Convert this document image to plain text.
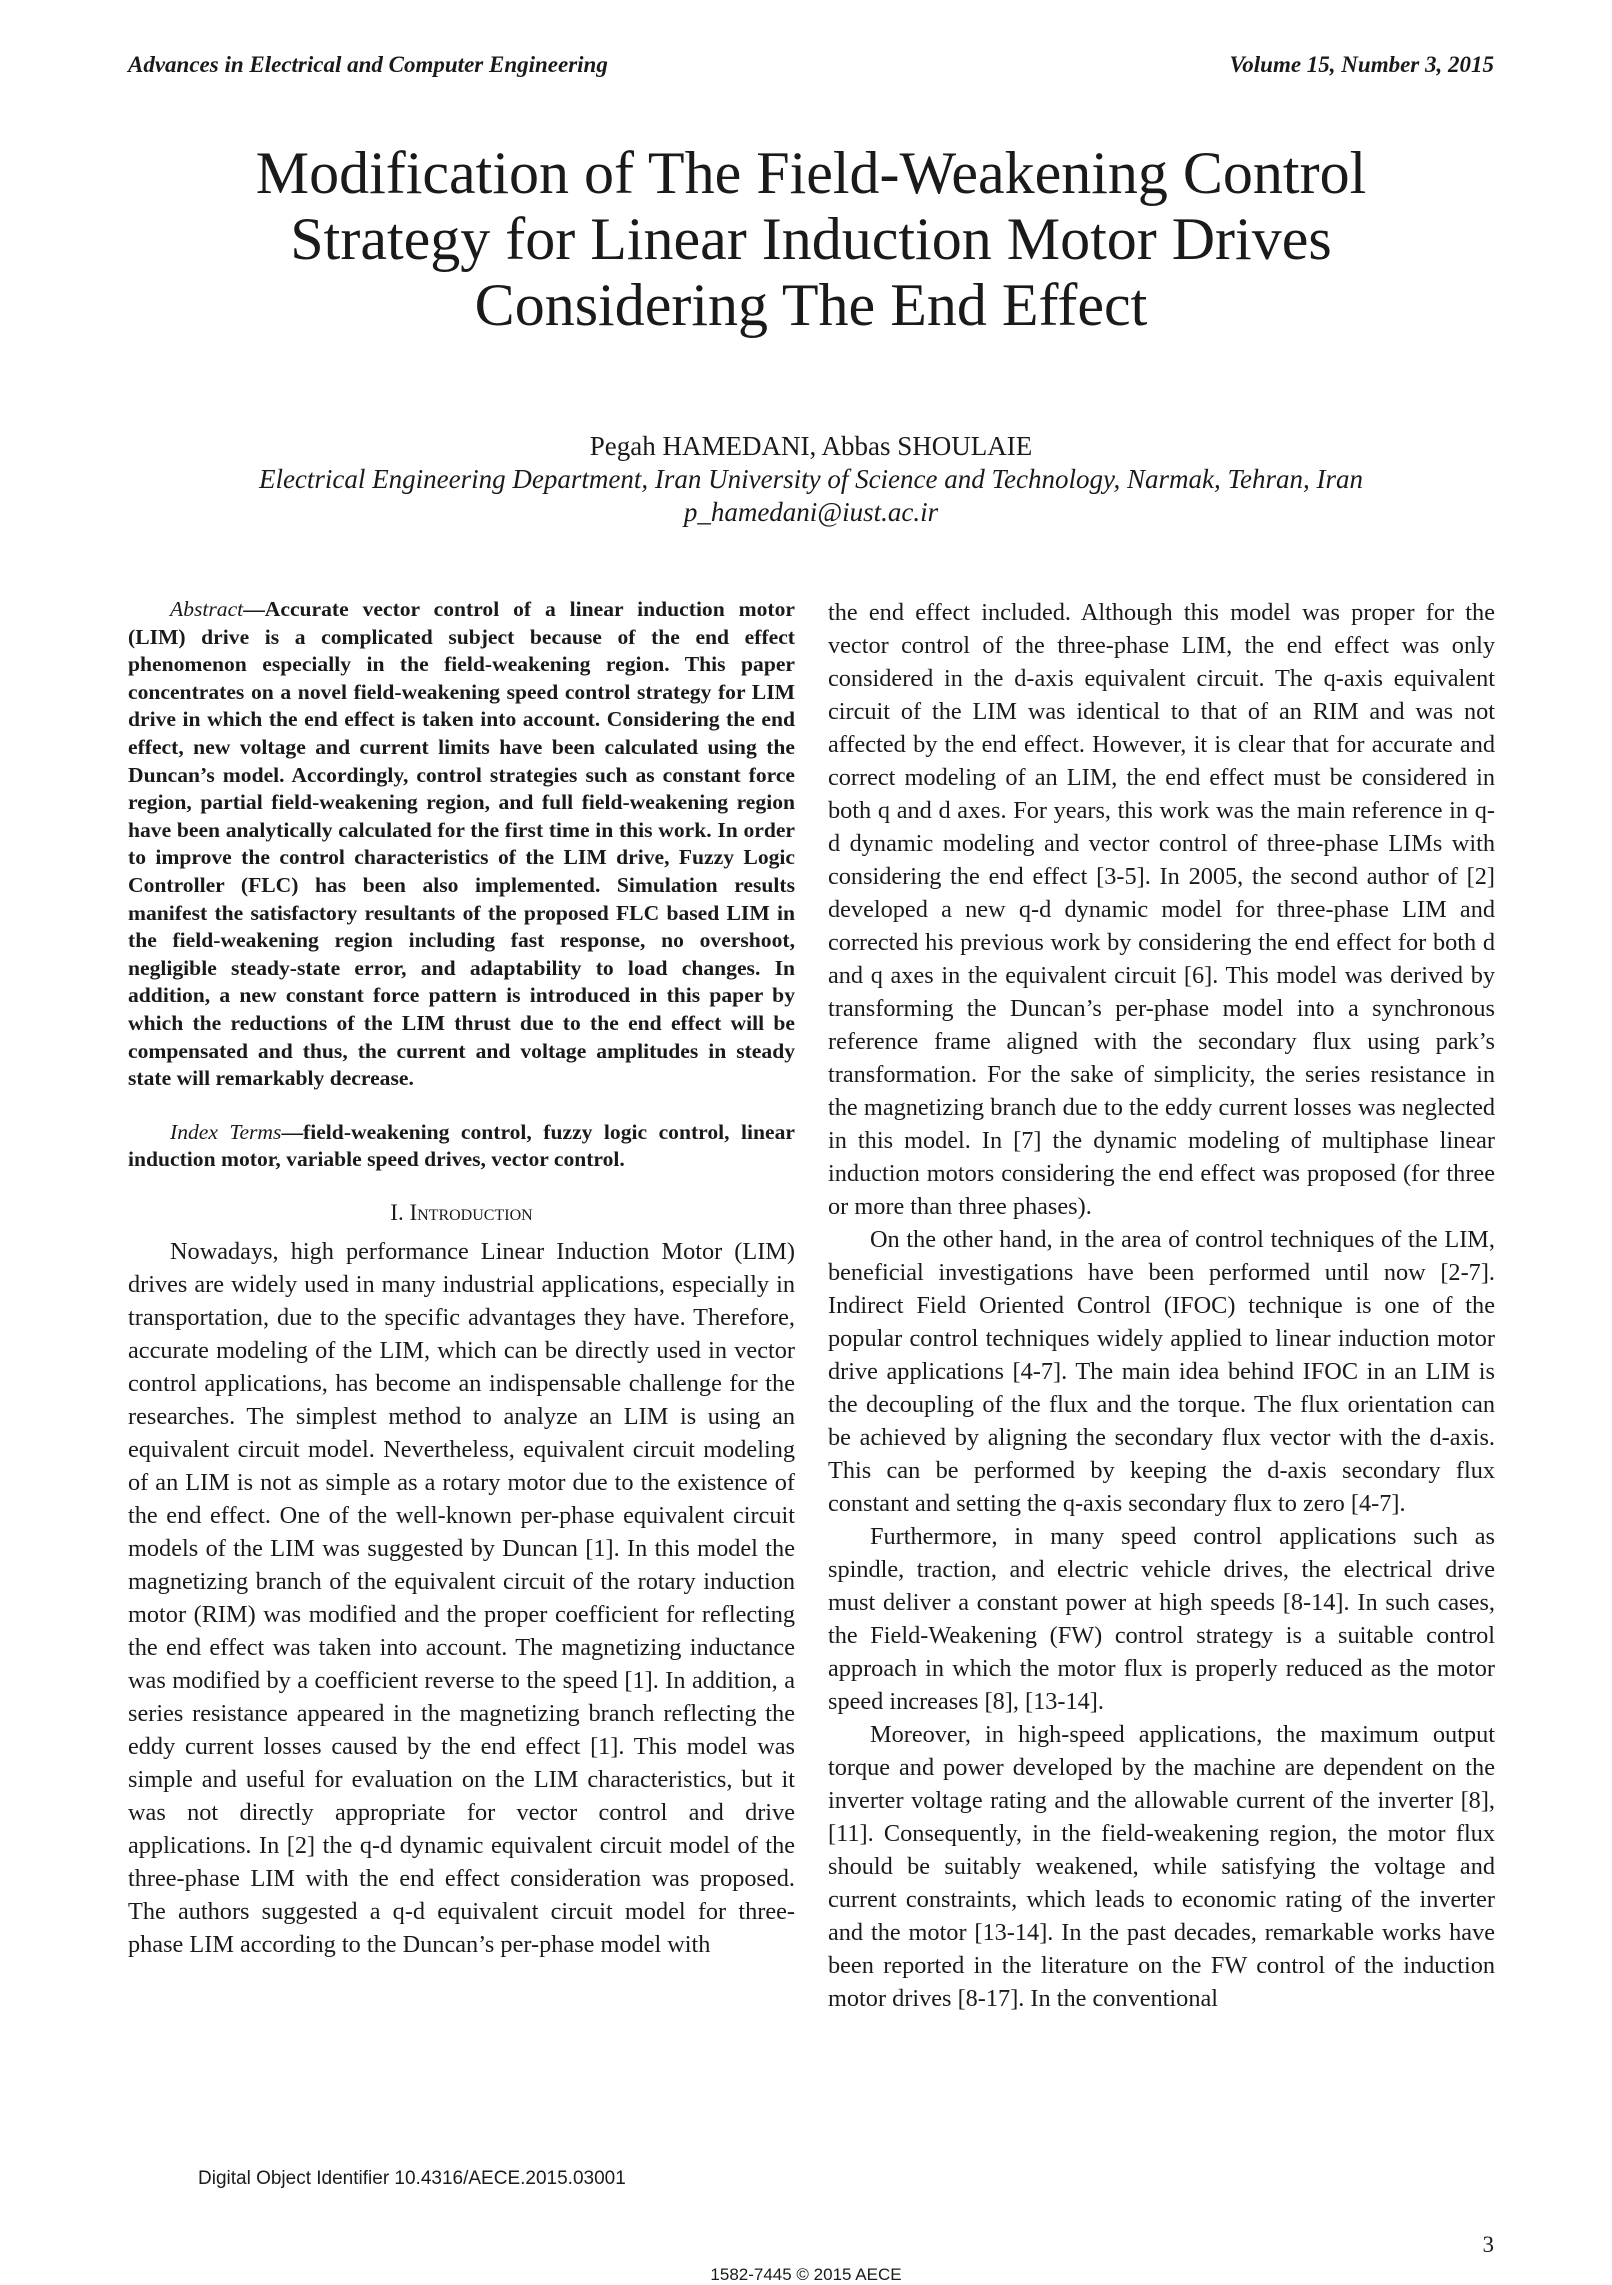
Advances in Electrical and Computer Engineering	Volume 15, Number 3, 2015
Modification of The Field-Weakening Control
Strategy for Linear Induction Motor Drives
Considering The End Effect
Pegah HAMEDANI, Abbas SHOULAIE
Electrical Engineering Department, Iran University of Science and Technology, Narmak, Tehran, Iran
p_hamedani@iust.ac.ir

Abstract—Accurate vector control of a linear induction motor (LIM) drive is a complicated subject because of the end effect phenomenon especially in the field-weakening region. This paper concentrates on a novel field-weakening speed control strategy for LIM drive in which the end effect is taken into account. Considering the end effect, new voltage and current limits have been calculated using the Duncan’s model. Accordingly, control strategies such as constant force region, partial field-weakening region, and full field-weakening region have been analytically calculated for the first time in this work. In order to improve the control characteristics of the LIM drive, Fuzzy Logic Controller (FLC) has been also implemented. Simulation results manifest the satisfactory resultants of the proposed FLC based LIM in the field-weakening region including fast response, no overshoot, negligible steady-state error, and adaptability to load changes. In addition, a new constant force pattern is introduced in this paper by which the reductions of the LIM thrust due to the end effect will be compensated and thus, the current and voltage amplitudes in steady state will remarkably decrease.

Index Terms—field-weakening control, fuzzy logic control, linear induction motor, variable speed drives, vector control.

I. Introduction

Nowadays, high performance Linear Induction Motor (LIM) drives are widely used in many industrial applications, especially in transportation, due to the specific advantages they have. Therefore, accurate modeling of the LIM, which can be directly used in vector control applications, has become an indispensable challenge for the researches. The simplest method to analyze an LIM is using an equivalent circuit model. Nevertheless, equivalent circuit modeling of an LIM is not as simple as a rotary motor due to the existence of the end effect. One of the well-known per-phase equivalent circuit models of the LIM was suggested by Duncan [1]. In this model the magnetizing branch of the equivalent circuit of the rotary induction motor (RIM) was modified and the proper coefficient for reflecting the end effect was taken into account. The magnetizing inductance was modified by a coefficient reverse to the speed [1]. In addition, a series resistance appeared in the magnetizing branch reflecting the eddy current losses caused by the end effect [1]. This model was simple and useful for evaluation on the LIM characteristics, but it was not directly appropriate for vector control and drive applications. In [2] the q-d dynamic equivalent circuit model of the three-phase LIM with the end effect consideration was proposed. The authors suggested a q-d equivalent circuit model for three-phase LIM according to the Duncan’s per-phase model with

the end effect included. Although this model was proper for the vector control of the three-phase LIM, the end effect was only considered in the d-axis equivalent circuit. The q-axis equivalent circuit of the LIM was identical to that of an RIM and was not affected by the end effect. However, it is clear that for accurate and correct modeling of an LIM, the end effect must be considered in both q and d axes. For years, this work was the main reference in q-d dynamic modeling and vector control of three-phase LIMs with considering the end effect [3-5]. In 2005, the second author of [2] developed a new q-d dynamic model for three-phase LIM and corrected his previous work by considering the end effect for both d and q axes in the equivalent circuit [6]. This model was derived by transforming the Duncan’s per-phase model into a synchronous reference frame aligned with the secondary flux using park’s transformation. For the sake of simplicity, the series resistance in the magnetizing branch due to the eddy current losses was neglected in this model. In [7] the dynamic modeling of multiphase linear induction motors considering the end effect was proposed (for three or more than three phases).

On the other hand, in the area of control techniques of the LIM, beneficial investigations have been performed until now [2-7]. Indirect Field Oriented Control (IFOC) technique is one of the popular control techniques widely applied to linear induction motor drive applications [4-7]. The main idea behind IFOC in an LIM is the decoupling of the flux and the torque. The flux orientation can be achieved by aligning the secondary flux vector with the d-axis. This can be performed by keeping the d-axis secondary flux constant and setting the q-axis secondary flux to zero [4-7].

Furthermore, in many speed control applications such as spindle, traction, and electric vehicle drives, the electrical drive must deliver a constant power at high speeds [8-14]. In such cases, the Field-Weakening (FW) control strategy is a suitable control approach in which the motor flux is properly reduced as the motor speed increases [8], [13-14].

Moreover, in high-speed applications, the maximum output torque and power developed by the machine are dependent on the inverter voltage rating and the allowable current of the inverter [8], [11]. Consequently, in the field-weakening region, the motor flux should be suitably weakened, while satisfying the voltage and current constraints, which leads to economic rating of the inverter and the motor [13-14]. In the past decades, remarkable works have been reported in the literature on the FW control of the induction motor drives [8-17]. In the conventional

Digital Object Identifier 10.4316/AECE.2015.03001
3
1582-7445 © 2015 AECE
